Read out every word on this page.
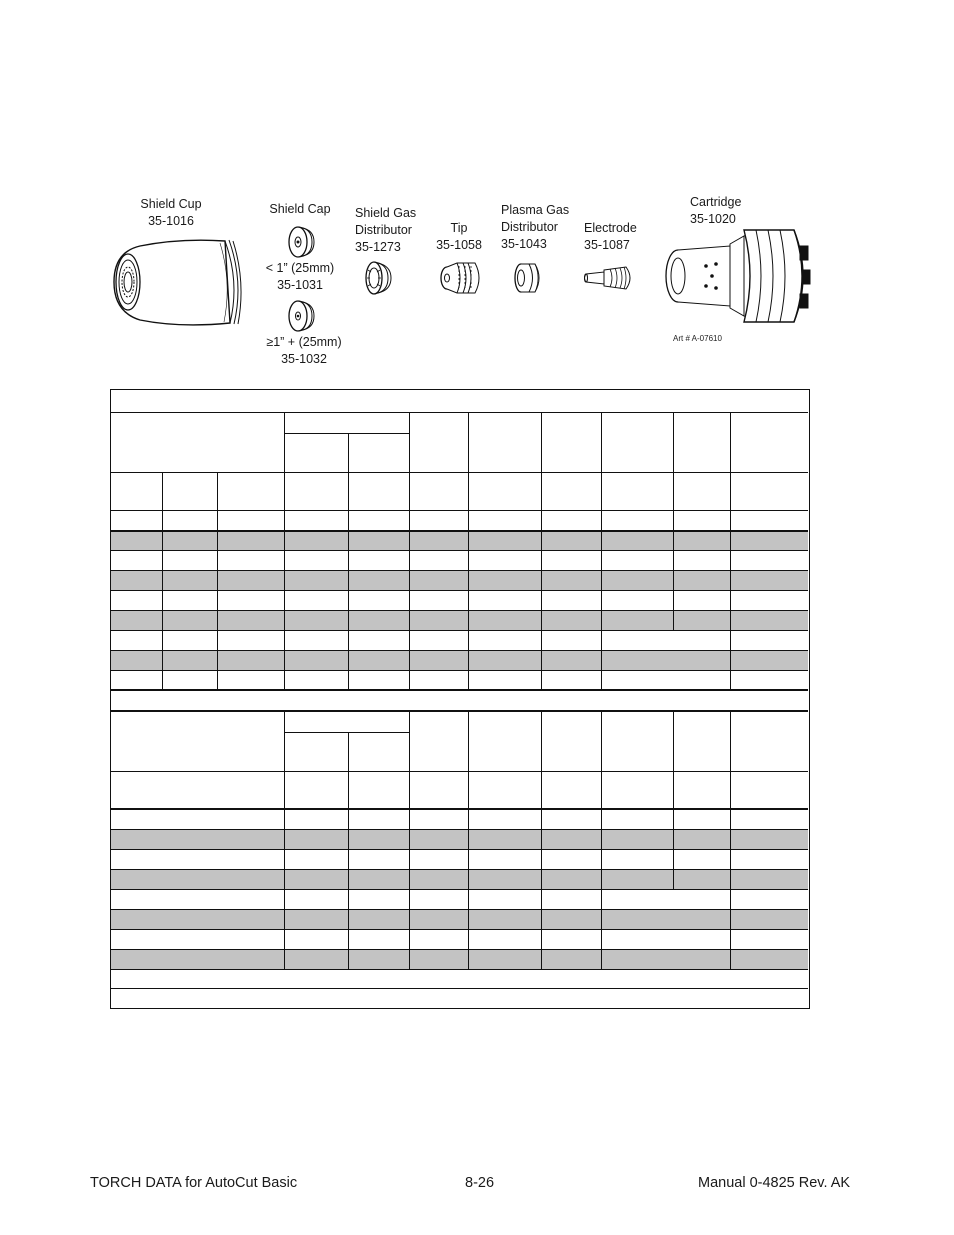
Shield Cup
35-1016
Shield Cap
< 1” (25mm)
35-1031
≥1” + (25mm)
35-1032
Shield Gas
Distributor
35-1273
Tip
35-1058
Plasma Gas
Distributor
35-1043
Electrode
35-1087
Cartridge
35-1020
Art # A-07610
TORCH DATA for AutoCut Basic	8-26	Manual 0-4825 Rev. AK
